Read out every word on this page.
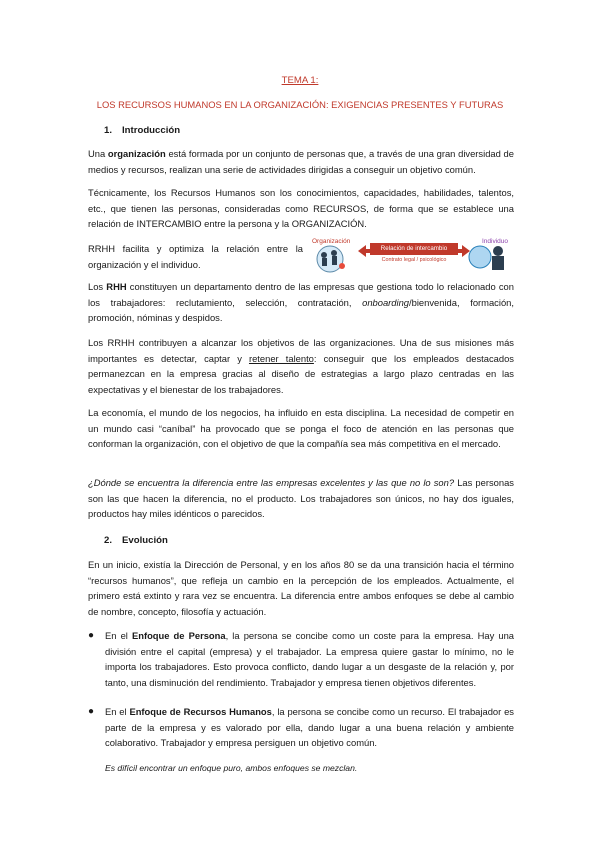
TEMA 1:
LOS RECURSOS HUMANOS EN LA ORGANIZACIÓN: EXIGENCIAS PRESENTES Y FUTURAS
1. Introducción
Una organización está formada por un conjunto de personas que, a través de una gran diversidad de medios y recursos, realizan una serie de actividades dirigidas a conseguir un objetivo común.
Técnicamente, los Recursos Humanos son los conocimientos, capacidades, habilidades, talentos, etc., que tienen las personas, consideradas como RECURSOS, de forma que se establece una relación de INTERCAMBIO entre la persona y la ORGANIZACIÓN.
RRHH facilita y optimiza la relación entre la organización y el individuo.
Organización	Individuo
Relación de intercambio
Contrato legal / psicológico
Los RHH constituyen un departamento dentro de las empresas que gestiona todo lo relacionado con los trabajadores: reclutamiento, selección, contratación, onboarding/bienvenida, formación, promoción, nóminas y despidos.
Los RRHH contribuyen a alcanzar los objetivos de las organizaciones. Una de sus misiones más importantes es detectar, captar y retener talento: conseguir que los empleados destacados permanezcan en la empresa gracias al diseño de estrategias a largo plazo centradas en las expectativas y el bienestar de los trabajadores.
La economía, el mundo de los negocios, ha influido en esta disciplina. La necesidad de competir en un mundo casi “caníbal” ha provocado que se ponga el foco de atención en las personas que conforman la organización, con el objetivo de que la compañía sea más competitiva en el mercado.
¿Dónde se encuentra la diferencia entre las empresas excelentes y las que no lo son? Las personas son las que hacen la diferencia, no el producto. Los trabajadores son únicos, no hay dos iguales, productos hay miles idénticos o parecidos.
2. Evolución
En un inicio, existía la Dirección de Personal, y en los años 80 se da una transición hacia el término “recursos humanos”, que refleja un cambio en la percepción de los empleados. Actualmente, el primero está extinto y rara vez se encuentra. La diferencia entre ambos enfoques se debe al cambio de nombre, concepto, filosofía y actuación.
● En el Enfoque de Persona, la persona se concibe como un coste para la empresa. Hay una división entre el capital (empresa) y el trabajador. La empresa quiere gastar lo mínimo, no le importa los trabajadores. Esto provoca conflicto, dando lugar a un desgaste de la relación y, por tanto, una disminución del rendimiento. Trabajador y empresa tienen objetivos diferentes.
● En el Enfoque de Recursos Humanos, la persona se concibe como un recurso. El trabajador es parte de la empresa y es valorado por ella, dando lugar a una buena relación y ambiente colaborativo. Trabajador y empresa persiguen un objetivo común.
Es difícil encontrar un enfoque puro, ambos enfoques se mezclan.
